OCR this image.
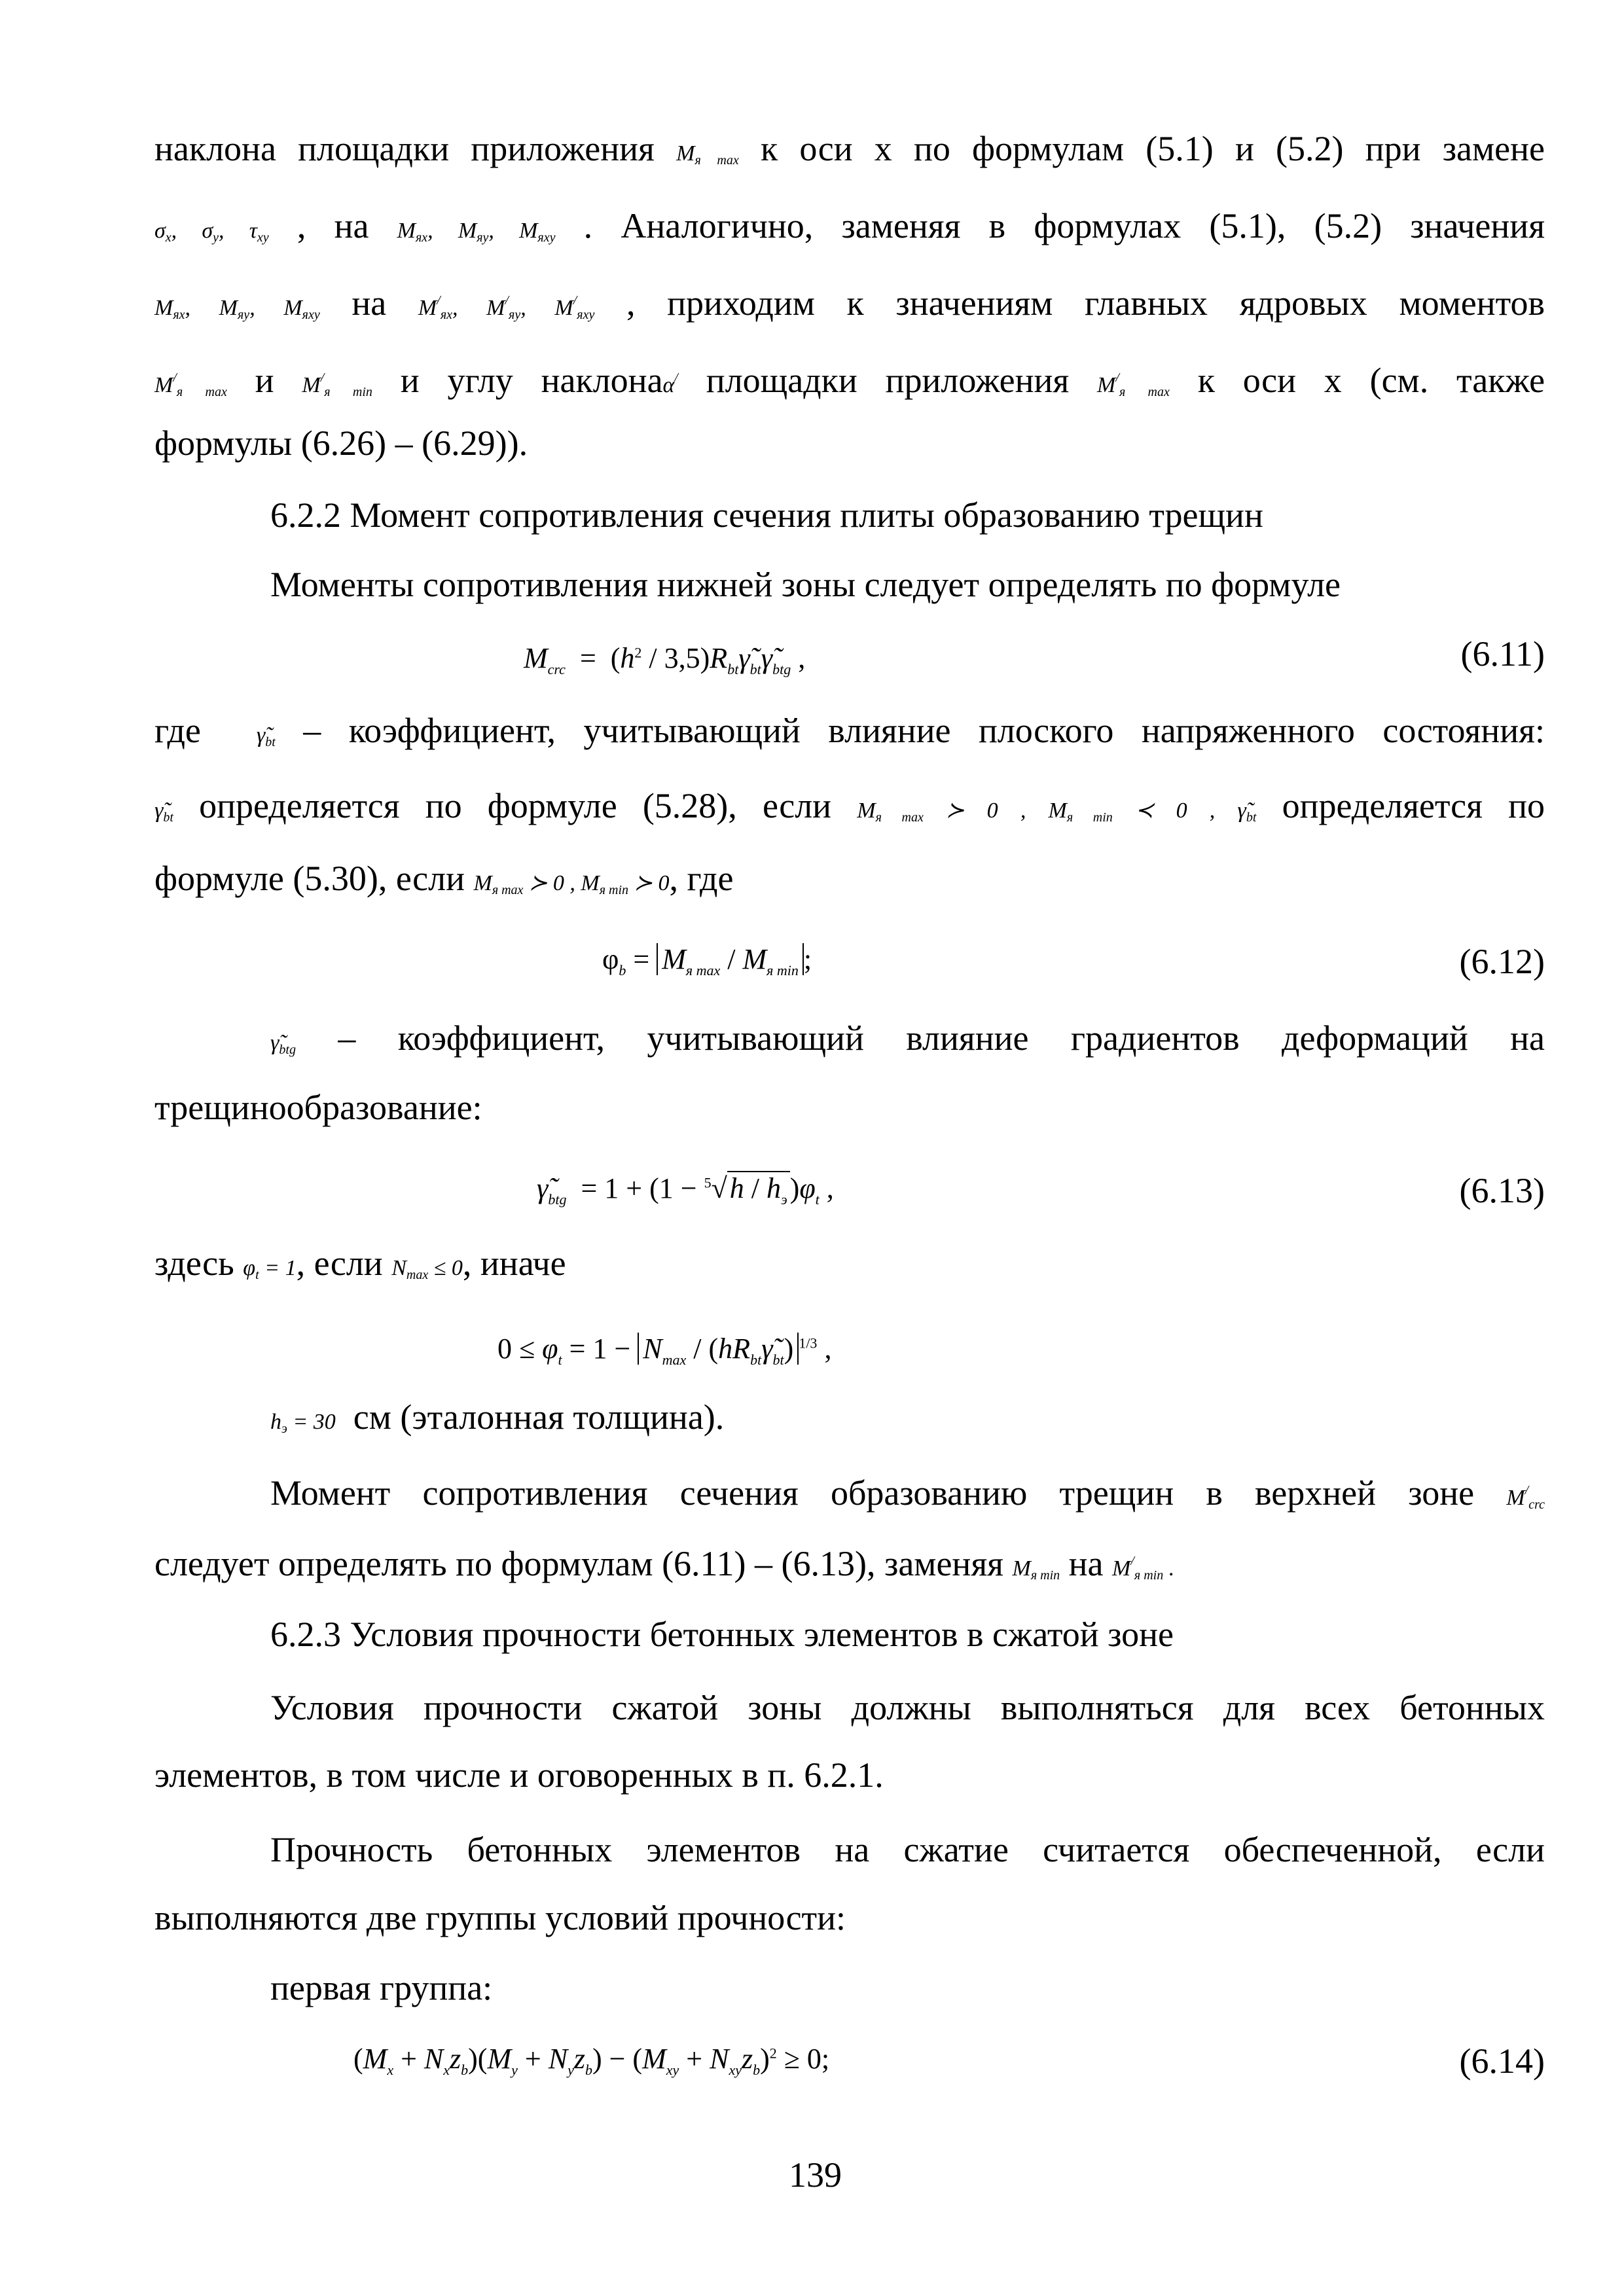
наклона площадки приложения Mя max к оси x по формулам (5.1) и (5.2) при замене
σx, σy, τxy , на Mяx, Mяy, Mяxy . Аналогично, заменяя в формулах (5.1), (5.2) значения
Mяx, Mяy, Mяxy на M/яx, M/яy, M/яxy , приходим к значениям главных ядровых моментов
M/я max и M/я min и углу наклонаα/ площадки приложения M/я max к оси x (см. также
формулы (6.26) – (6.29)).
6.2.2 Момент сопротивления сечения плиты образованию трещин
Моменты сопротивления нижней зоны следует определять по формуле
$M_{crc} = (h^2$ / $3,5)R_{bt}\gammã_{bt}\gammã_{btg}$ ,	(6.11)
где γ̃bt – коэффициент, учитывающий влияние плоского напряженного состояния:
γ̃bt определяется по формуле (5.28), если Mя max ≻ 0 , Mя min ≺ 0 , γ̃bt определяется по
формуле (5.30), если Mя max ≻ 0 , Mя min ≻ 0, где
$\varphi_b = M_{я max} / M_{я min}$ ;	(6.12)
γ̃btg – коэффициент, учитывающий влияние градиентов деформаций на
трещинообразование:
$\gammã_{btg} = 1 + (1 - ^5√h / h_э)\varphi_t$ ,	(6.13)
здесь φt = 1, если Nmax ≤ 0, иначе
$0 \le \varphi_t = 1 - N_{max}$ / $(hR_{bt}\gammã_{bt})$ $^{1/3}$ ,
hэ = 30 см (эталонная толщина).
Момент сопротивления сечения образованию трещин в верхней зоне M/crc
следует определять по формулам (6.11) – (6.13), заменяя Mя min на M/я min .
6.2.3 Условия прочности бетонных элементов в сжатой зоне
Условия прочности сжатой зоны должны выполняться для всех бетонных
элементов, в том числе и оговоренных в п. 6.2.1.
Прочность бетонных элементов на сжатие считается обеспеченной, если
выполняются две группы условий прочности:
первая группа:
$(M_x + N_xz_b)(M_y + N_yz_b) - (M_{xy} + N_{xy}z_b)^2 \ge 0$;	(6.14)
139
